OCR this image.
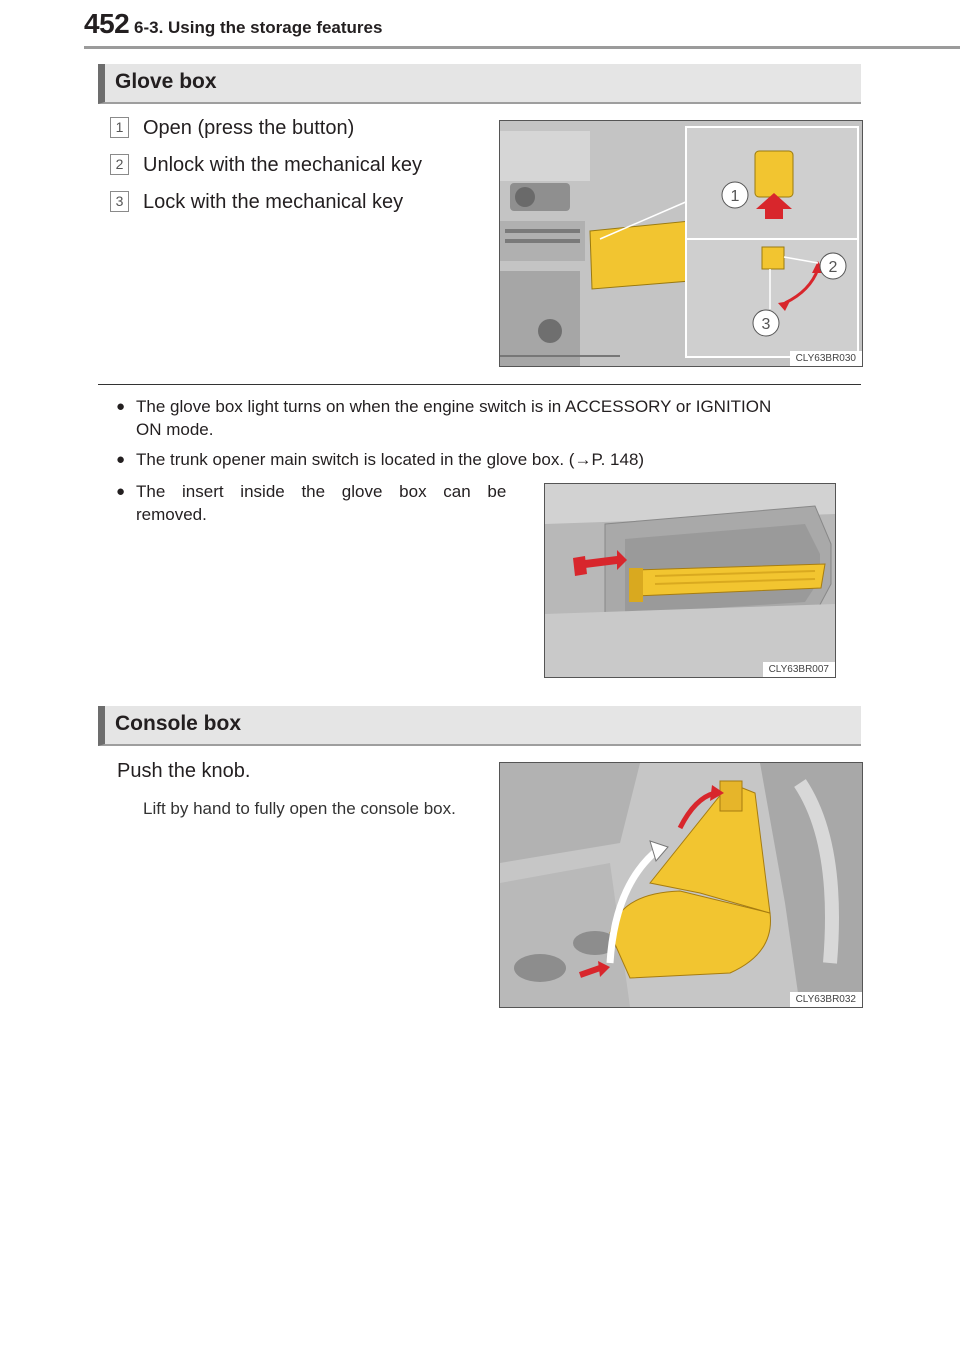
452 6-3. Using the storage features
Glove box
1 Open (press the button)
2 Unlock with the mechanical key
3 Lock with the mechanical key	1
2
3
CLY63BR030
● The glove box light turns on when the engine switch is in ACCESSORY or IGNITION
ON mode.
● The trunk opener main switch is located in the glove box. (→P. 148)
● The insert inside the glove box can be
removed.
CLY63BR007
Console box
Push the knob.
Lift by hand to fully open the console box.
CLY63BR032
